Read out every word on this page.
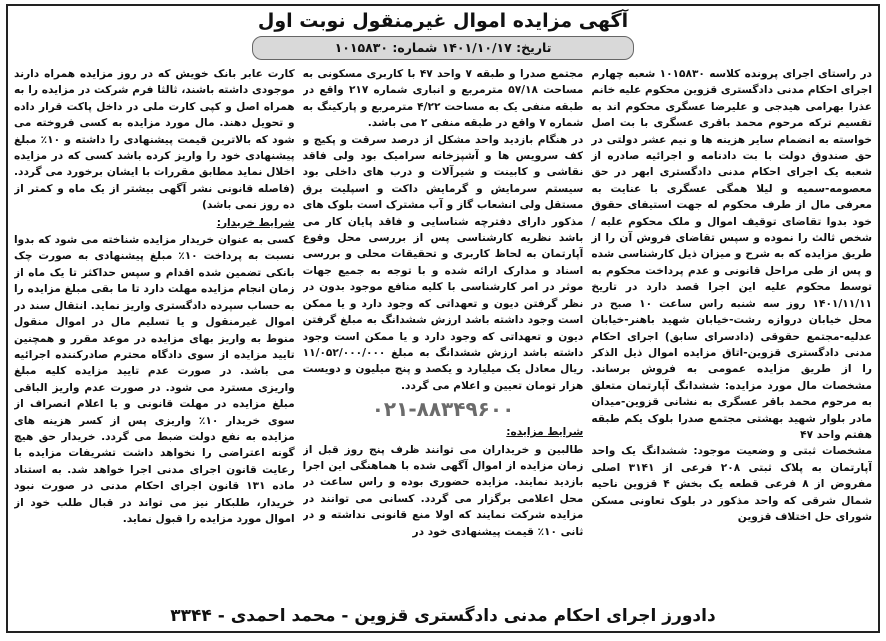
آگهی مزایده اموال غیرمنقول نوبت اول
تاریخ: ۱۴۰۱/۱۰/۱۷ شماره: ۱۰۱۵۸۳۰

در راستای اجرای پرونده کلاسه ۱۰۱۵۸۳۰ شعبه چهارم اجرای احکام مدنی دادگستری قزوین محکوم علیه خانم عذرا بهرامی هیدجی و علیرضا عسگری محکوم اند به تقسیم ترکه مرحوم محمد باقری عسگری با بت اصل خواسته به انضمام سایر هزینه ها و نیم عشر دولتی در حق صندوق دولت با بت دادنامه و اجرائیه صادره از شعبه یک اجرای احکام مدنی دادگستری ابهر در حق معصومه-سمیه و لیلا همگی عسگری با عنایت به معرفی مال از طرف محکوم له جهت استیفای حقوق خود بدوا تقاضای توقیف اموال و ملک محکوم علیه / شخص ثالث را نموده و سپس تقاضای فروش آن را از طریق مزایده که به شرح و میزان ذیل کارشناسی شده و پس از طی مراحل قانونی و عدم پرداخت محکوم به توسط محکوم علیه این اجرا قصد دارد در تاریخ ۱۴۰۱/۱۱/۱۱ روز سه شنبه راس ساعت ۱۰ صبح در محل خیابان دروازه رشت-خیابان شهید باهنر-خیابان عدلیه-مجتمع حقوقی (دادسرای سابق) اجرای احکام مدنی دادگستری قزوین-اتاق مزایده اموال ذیل الذکر را از طریق مزایده عمومی به فروش برساند. مشخصات مال مورد مزایده: ششدانگ آپارتمان متعلق به مرحوم محمد باقر عسگری به نشانی قزوین-میدان مادر بلوار شهید بهشتی مجتمع صدرا بلوک یکم طبقه هفتم واحد ۴۷

مشخصات ثبتی و وضعیت موجود: ششدانگ یک واحد آپارتمان به پلاک ثبتی ۲۰۸ فرعی از ۳۱۴۱ اصلی مفروض از ۸ فرعی قطعه یک بخش ۴ قزوین ناحیه شمال شرقی که واحد مذکور در بلوک تعاونی مسکن شورای حل اختلاف قزوین

مجتمع صدرا و طبقه ۷ واحد ۴۷ با کاربری مسکونی به مساحت ۵۷/۱۸ مترمربع و انباری شماره ۲۱۷ واقع در طبقه منفی یک به مساحت ۴/۲۲ مترمربع و پارکینگ به شماره ۷ واقع در طبقه منفی ۲ می باشد.

در هنگام بازدید واحد مشکل از درصد سرقت و پکیج و کف سرویس ها و آشپزخانه سرامیک بود ولی فاقد نقاشی و کابینت و شیرآلات و درب های داخلی بود سیستم سرمایش و گرمایش داکت و اسپلیت برق مستقل ولی انشعاب گاز و آب مشترک است بلوک های مذکور دارای دفترچه شناسایی و فاقد پایان کار می باشد نظریه کارشناسی پس از بررسی محل وقوع آپارتمان به لحاظ کاربری و تحقیقات محلی و بررسی اسناد و مدارک ارائه شده و با توجه به جمیع جهات موثر در امر کارشناسی با کلیه منافع موجود بدون در نظر گرفتن دیون و تعهداتی که وجود دارد و یا ممکن است وجود داشته باشد ارزش ششدانگ به مبلغ گرفتن دیون و تعهداتی که وجود دارد و یا ممکن است وجود داشته باشد ارزش ششدانگ به مبلغ ۱۱/۰۵۲/۰۰۰/۰۰۰ ریال معادل یک میلیارد و یکصد و پنج میلیون و دویست هزار تومان تعیین و اعلام می گردد.

۰۲۱-۸۸۳۴۹۶۰۰
شرایط مزایده:

طالبین و خریداران می توانند ظرف پنج روز قبل از زمان مزایده از اموال آگهی شده با هماهنگی این اجرا بازدید نمایند. مزایده حضوری بوده و راس ساعت در محل اعلامی برگزار می گردد. کسانی می توانند در مزایده شرکت نمایند که اولا منع قانونی نداشته و در ثانی ۱۰٪ قیمت پیشنهادی خود در

کارت عابر بانک خویش که در روز مزایده همراه دارند موجودی داشته باشند، ثالثا فرم شرکت در مزایده را به همراه اصل و کپی کارت ملی در داخل پاکت قرار داده و تحویل دهند. مال مورد مزایده به کسی فروخته می شود که بالاترین قیمت پیشنهادی را داشته و ۱۰٪ مبلغ پیشنهادی خود را واریز کرده باشد کسی که در مزایده اخلال نماید مطابق مقررات با ایشان برخورد می گردد. (فاصله قانونی نشر آگهی بیشتر از یک ماه و کمتر از ده روز نمی باشد)

شرایط خریدار:

کسی به عنوان خریدار مزایده شناخته می شود که بدوا نسبت به پرداخت ۱۰٪ مبلغ پیشنهادی به صورت چک بانکی تضمین شده اقدام و سپس حداکثر تا یک ماه از زمان انجام مزایده مهلت دارد تا ما بقی مبلغ مزایده را به حساب سپرده دادگستری واریز نماید. انتقال سند در اموال غیرمنقول و یا تسلیم مال در اموال منقول منوط به واریز بهای مزایده در موعد مقرر و همچنین تایید مزایده از سوی دادگاه محترم صادرکننده اجرائیه می باشد. در صورت عدم تایید مزایده کلیه مبلغ واریزی مسترد می شود. در صورت عدم واریز الباقی مبلغ مزایده در مهلت قانونی و یا اعلام انصراف از سوی خریدار ۱۰٪ واریزی پس از کسر هزینه های مزایده به نفع دولت ضبط می گردد. خریدار حق هیچ گونه اعتراضی را نخواهد داشت تشریفات مزایده با رعایت قانون اجرای مدنی اجرا خواهد شد. به استناد ماده ۱۳۱ قانون اجرای احکام مدنی در صورت نبود خریدار، طلبکار نیز می تواند در قبال طلب خود از اموال مورد مزایده را قبول نماید.

دادورز اجرای احکام مدنی دادگستری قزوین - محمد احمدی - ۳۳۴۴
